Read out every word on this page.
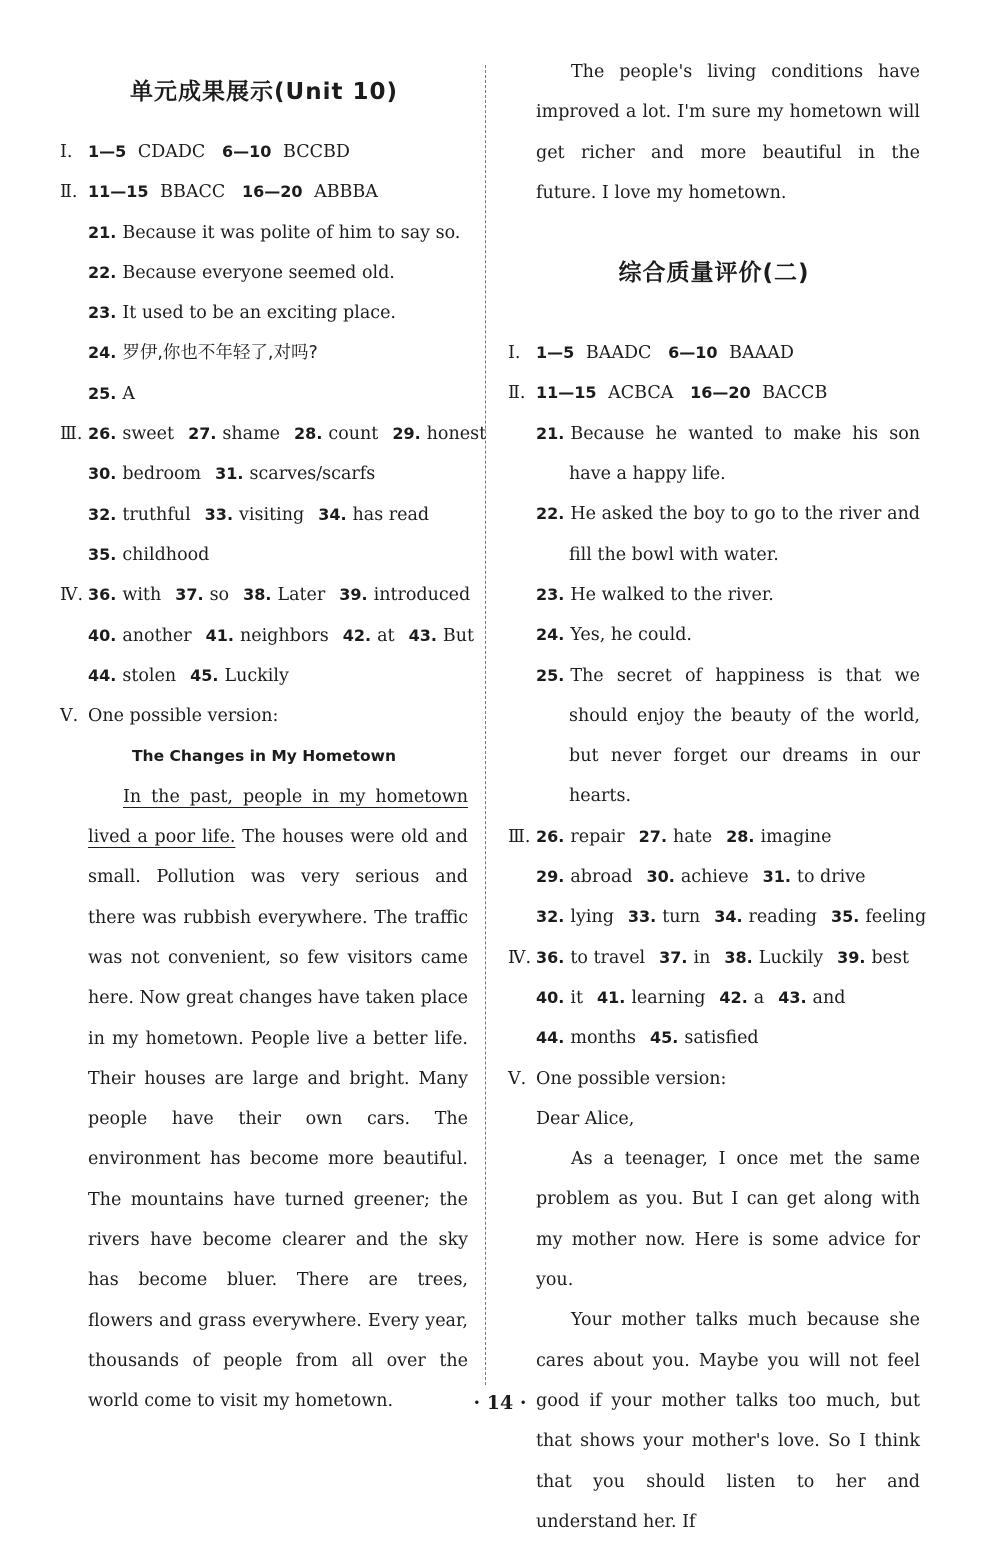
单元成果展示(Unit 10)
Ⅰ. 1—5 CDADC 6—10 BCCBD
Ⅱ. 11—15 BBACC 16—20 ABBBA
21. Because it was polite of him to say so.
22. Because everyone seemed old.
23. It used to be an exciting place.
24. 罗伊,你也不年轻了,对吗?
25. A
Ⅲ. 26. sweet 27. shame 28. count 29. honest
30. bedroom 31. scarves/scarfs
32. truthful 33. visiting 34. has read
35. childhood
Ⅳ. 36. with 37. so 38. Later 39. introduced
40. another 41. neighbors 42. at 43. But
44. stolen 45. Luckily
Ⅴ. One possible version:
The Changes in My Hometown
In the past, people in my hometown lived a poor life. The houses were old and small. Pollution was very serious and there was rubbish everywhere. The traffic was not convenient, so few visitors came here. Now great changes have taken place in my hometown. People live a better life. Their houses are large and bright. Many people have their own cars. The environment has become more beautiful. The mountains have turned greener; the rivers have become clearer and the sky has become bluer. There are trees, flowers and grass everywhere. Every year, thousands of people from all over the world come to visit my hometown.
The people's living conditions have improved a lot. I'm sure my hometown will get richer and more beautiful in the future. I love my hometown.
综合质量评价(二)
Ⅰ. 1—5 BAADC 6—10 BAAAD
Ⅱ. 11—15 ACBCA 16—20 BACCB
21. Because he wanted to make his son have a happy life.
22. He asked the boy to go to the river and fill the bowl with water.
23. He walked to the river.
24. Yes, he could.
25. The secret of happiness is that we should enjoy the beauty of the world, but never forget our dreams in our hearts.
Ⅲ. 26. repair 27. hate 28. imagine
29. abroad 30. achieve 31. to drive
32. lying 33. turn 34. reading 35. feeling
Ⅳ. 36. to travel 37. in 38. Luckily 39. best
40. it 41. learning 42. a 43. and
44. months 45. satisfied
Ⅴ. One possible version:
Dear Alice,
As a teenager, I once met the same problem as you. But I can get along with my mother now. Here is some advice for you.
Your mother talks much because she cares about you. Maybe you will not feel good if your mother talks too much, but that shows your mother's love. So I think that you should listen to her and understand her. If
· 14 ·
